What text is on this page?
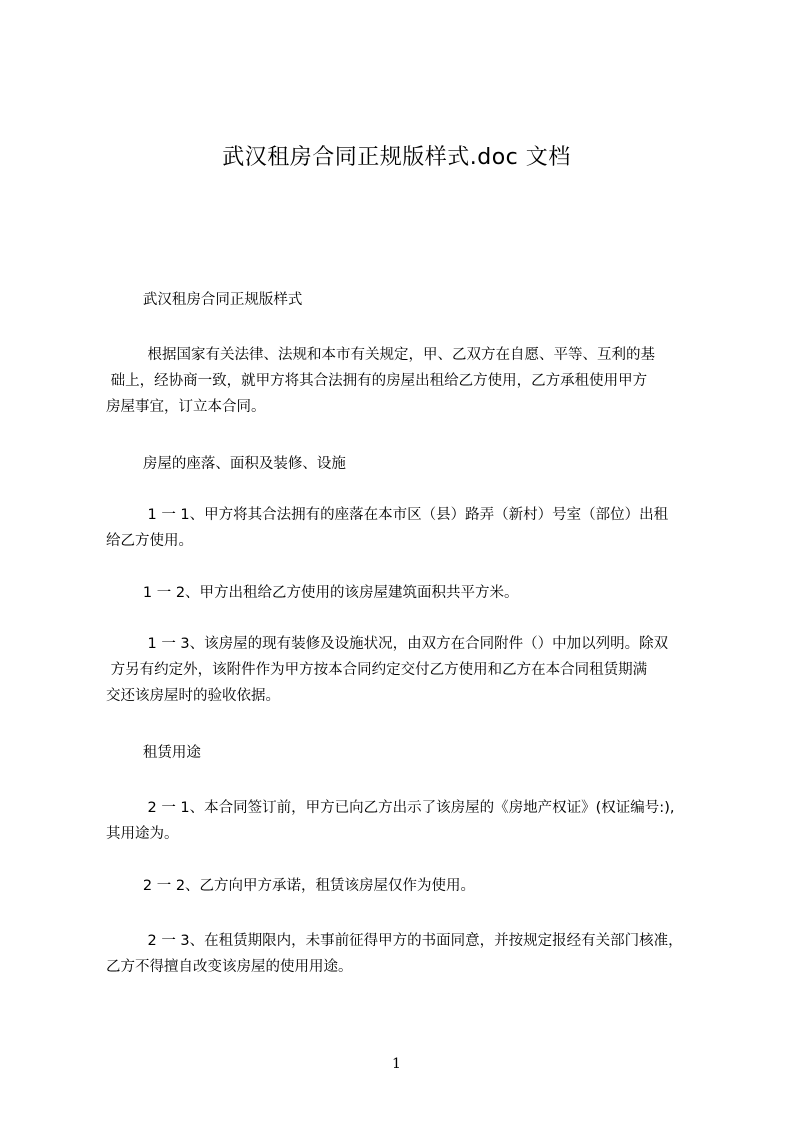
武汉租房合同正规版样式.doc 文档
武汉租房合同正规版样式
根据国家有关法律、法规和本市有关规定，甲、乙双方在自愿、平等、互利的基
础上，经协商一致，就甲方将其合法拥有的房屋出租给乙方使用，乙方承租使用甲方
房屋事宜，订立本合同。
房屋的座落、面积及装修、设施
1 一 1、甲方将其合法拥有的座落在本市区（县）路弄（新村）号室（部位）出租
给乙方使用。
1 一 2、甲方出租给乙方使用的该房屋建筑面积共平方米。
1 一 3、该房屋的现有装修及设施状况，由双方在合同附件（）中加以列明。除双
方另有约定外，该附件作为甲方按本合同约定交付乙方使用和乙方在本合同租赁期满
交还该房屋时的验收依据。
租赁用途
2 一 1、本合同签订前，甲方已向乙方出示了该房屋的《房地产权证》(权证编号:),
其用途为。
2 一 2、乙方向甲方承诺，租赁该房屋仅作为使用。
2 一 3、在租赁期限内，未事前征得甲方的书面同意，并按规定报经有关部门核准，
乙方不得擅自改变该房屋的使用用途。
1
